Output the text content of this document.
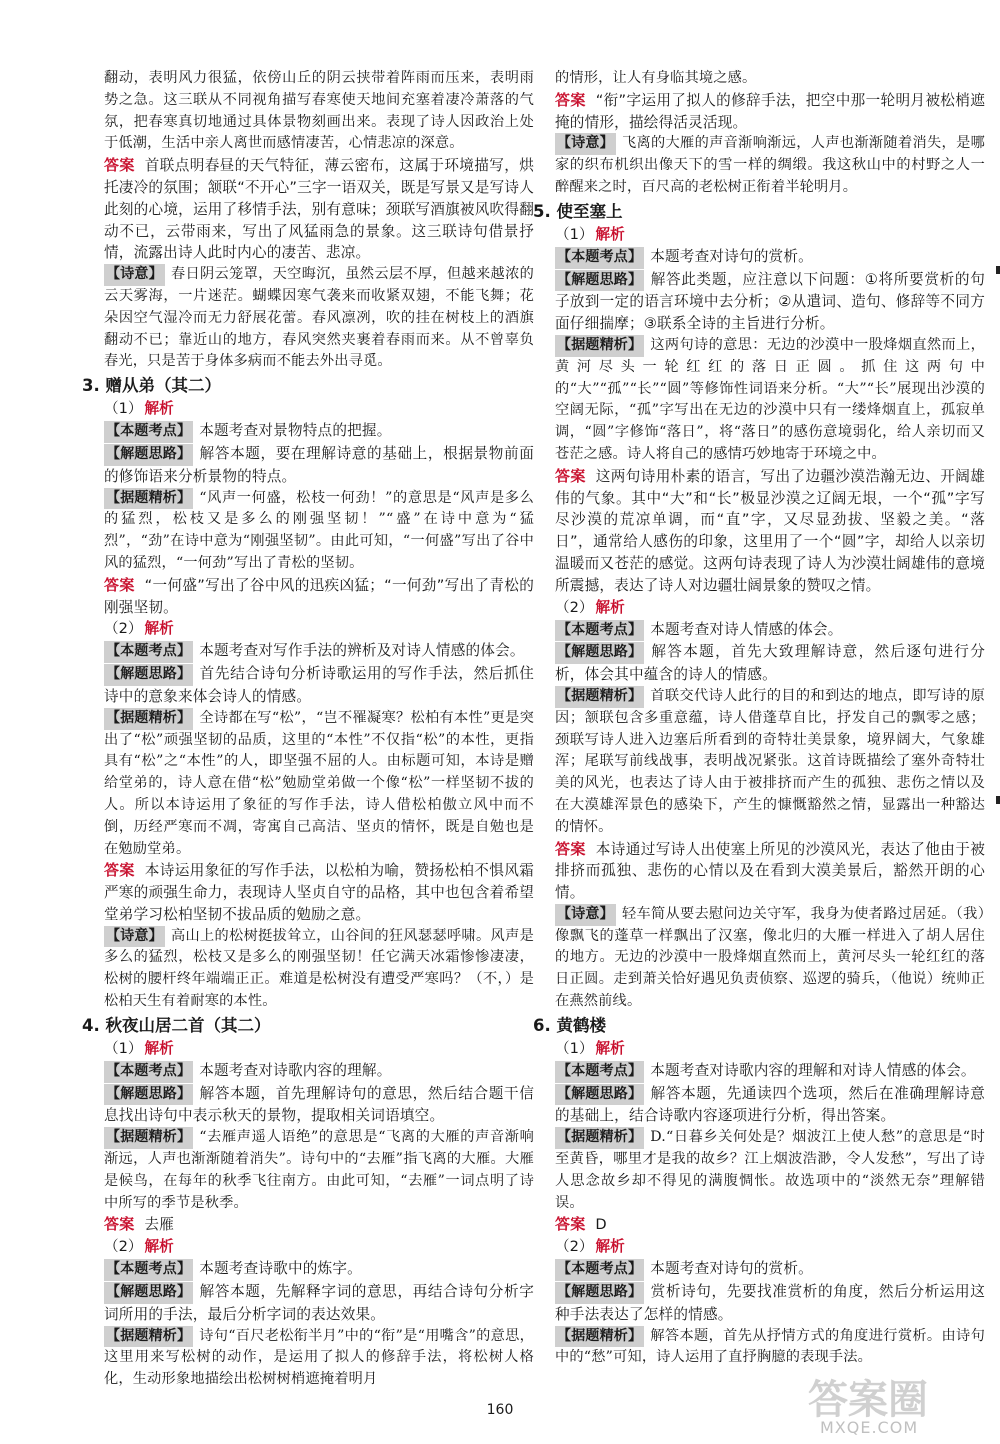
翻动，表明风力很猛，依傍山丘的阴云挟带着阵雨而压来，表明雨势之急。这三联从不同视角描写春寒使天地间充塞着凄冷萧落的气氛，把春寒真切地通过具体景物刻画出来。表现了诗人因政治上处于低潮，生活中亲人离世而感情凄苦，心情悲凉的深意。

答案 首联点明春昼的天气特征，薄云密布，这属于环境描写，烘托凄冷的氛围；颔联“不开心”三字一语双关，既是写景又是写诗人此刻的心境，运用了移情手法，别有意味；颈联写酒旗被风吹得翻动不已，云带雨来，写出了风猛雨急的景象。这三联诗句借景抒情，流露出诗人此时内心的凄苦、悲凉。

【诗意】 春日阴云笼罩，天空晦沉，虽然云层不厚，但越来越浓的云天雾海，一片迷茫。蝴蝶因寒气袭来而收紧双翅，不能飞舞；花朵因空气湿冷而无力舒展花蕾。春风凛冽，吹的挂在树枝上的酒旗翻动不已；靠近山的地方，春风突然夹裹着春雨而来。从不曾辜负春光，只是苦于身体多病而不能去外出寻觅。

3. 赠从弟（其二）
（1） 解析

【本题考点】 本题考查对景物特点的把握。

【解题思路】 解答本题，要在理解诗意的基础上，根据景物前面的修饰语来分析景物的特点。

【据题精析】 “风声一何盛，松枝一何劲！”的意思是“风声是多么的猛烈，松枝又是多么的刚强坚韧！”“盛”在诗中意为“猛烈”，“劲”在诗中意为“刚强坚韧”。由此可知，“一何盛”写出了谷中风的猛烈，“一何劲”写出了青松的坚韧。

答案 “一何盛”写出了谷中风的迅疾凶猛；“一何劲”写出了青松的刚强坚韧。

（2） 解析

【本题考点】 本题考查对写作手法的辨析及对诗人情感的体会。

【解题思路】 首先结合诗句分析诗歌运用的写作手法，然后抓住诗中的意象来体会诗人的情感。

【据题精析】 全诗都在写“松”，“岂不罹凝寒？松柏有本性”更是突出了“松”顽强坚韧的品质，这里的“本性”不仅指“松”的本性，更指具有“松”之“本性”的人，即坚强不屈的人。由标题可知，本诗是赠给堂弟的，诗人意在借“松”勉励堂弟做一个像“松”一样坚韧不拔的人。所以本诗运用了象征的写作手法，诗人借松柏傲立风中而不倒，历经严寒而不凋，寄寓自己高洁、坚贞的情怀，既是自勉也是在勉励堂弟。

答案 本诗运用象征的写作手法，以松柏为喻，赞扬松柏不惧风霜严寒的顽强生命力，表现诗人坚贞自守的品格，其中也包含着希望堂弟学习松柏坚韧不拔品质的勉励之意。

【诗意】 高山上的松树挺拔耸立，山谷间的狂风瑟瑟呼啸。风声是多么的猛烈，松枝又是多么的刚强坚韧！任它满天冰霜惨惨凄凄，松树的腰杆终年端端正正。难道是松树没有遭受严寒吗？（不，）是松柏天生有着耐寒的本性。

4. 秋夜山居二首（其二）
（1） 解析

【本题考点】 本题考查对诗歌内容的理解。

【解题思路】 解答本题，首先理解诗句的意思，然后结合题干信息找出诗句中表示秋天的景物，提取相关词语填空。

【据题精析】 “去雁声遥人语绝”的意思是“飞离的大雁的声音渐响渐远，人声也渐渐随着消失”。诗句中的“去雁”指飞离的大雁。大雁是候鸟，在每年的秋季飞往南方。由此可知，“去雁”一词点明了诗中所写的季节是秋季。

答案 去雁

（2） 解析

【本题考点】 本题考查诗歌中的炼字。

【解题思路】 解答本题，先解释字词的意思，再结合诗句分析字词所用的手法，最后分析字词的表达效果。

【据题精析】 诗句“百尺老松衔半月”中的“衔”是“用嘴含”的意思，这里用来写松树的动作，是运用了拟人的修辞手法，将松树人格化，生动形象地描绘出松树树梢遮掩着明月

的情形，让人有身临其境之感。

答案 “衔”字运用了拟人的修辞手法，把空中那一轮明月被松梢遮掩的情形，描绘得活灵活现。

【诗意】 飞离的大雁的声音渐响渐远，人声也渐渐随着消失，是哪家的织布机织出像天下的雪一样的绸缎。我这秋山中的村野之人一醉醒来之时，百尺高的老松树正衔着半轮明月。

5. 使至塞上
（1） 解析

【本题考点】 本题考查对诗句的赏析。

【解题思路】 解答此类题，应注意以下问题：①将所要赏析的句子放到一定的语言环境中去分析；②从遣词、造句、修辞等不同方面仔细揣摩；③联系全诗的主旨进行分析。

【据题精析】 这两句诗的意思：无边的沙漠中一股烽烟直然而上，黄河尽头一轮红红的落日正圆。抓住这两句中的“大”“孤”“长”“圆”等修饰性词语来分析。“大”“长”展现出沙漠的空阔无际，“孤”字写出在无边的沙漠中只有一缕烽烟直上，孤寂单调，“圆”字修饰“落日”，将“落日”的感伤意境弱化，给人亲切而又苍茫之感。诗人将自己的感情巧妙地寄于环境之中。

答案 这两句诗用朴素的语言，写出了边疆沙漠浩瀚无边、开阔雄伟的气象。其中“大”和“长”极显沙漠之辽阔无垠，一个“孤”字写尽沙漠的荒凉单调，而“直”字，又尽显劲拔、坚毅之美。“落日”，通常给人感伤的印象，这里用了一个“圆”字，却给人以亲切温暖而又苍茫的感觉。这两句诗表现了诗人为沙漠壮阔雄伟的意境所震撼，表达了诗人对边疆壮阔景象的赞叹之情。

（2） 解析

【本题考点】 本题考查对诗人情感的体会。

【解题思路】 解答本题，首先大致理解诗意，然后逐句进行分析，体会其中蕴含的诗人的情感。

【据题精析】 首联交代诗人此行的目的和到达的地点，即写诗的原因；颔联包含多重意蕴，诗人借蓬草自比，抒发自己的飘零之感；颈联写诗人进入边塞后所看到的奇特壮美景象，境界阔大，气象雄浑；尾联写前线战事，表明战况紧张。这首诗既描绘了塞外奇特壮美的风光，也表达了诗人由于被排挤而产生的孤独、悲伤之情以及在大漠雄浑景色的感染下，产生的慷慨豁然之情，显露出一种豁达的情怀。

答案 本诗通过写诗人出使塞上所见的沙漠风光，表达了他由于被排挤而孤独、悲伤的心情以及在看到大漠美景后，豁然开朗的心情。

【诗意】 轻车简从要去慰问边关守军，我身为使者路过居延。（我）像飘飞的蓬草一样飘出了汉塞，像北归的大雁一样进入了胡人居住的地方。无边的沙漠中一股烽烟直然而上，黄河尽头一轮红红的落日正圆。走到萧关恰好遇见负责侦察、巡逻的骑兵，（他说）统帅正在燕然前线。

6. 黄鹤楼
（1） 解析

【本题考点】 本题考查对诗歌内容的理解和对诗人情感的体会。

【解题思路】 解答本题，先通读四个选项，然后在准确理解诗意的基础上，结合诗歌内容逐项进行分析，得出答案。

【据题精析】 D.“日暮乡关何处是？烟波江上使人愁”的意思是“时至黄昏，哪里才是我的故乡？江上烟波浩渺，令人发愁”，写出了诗人思念故乡却不得见的满腹惆怅。故选项中的“淡然无奈”理解错误。

答案 D

（2） 解析

【本题考点】 本题考查对诗句的赏析。

【解题思路】 赏析诗句，先要找准赏析的角度，然后分析运用这种手法表达了怎样的情感。

【据题精析】 解答本题，首先从抒情方式的角度进行赏析。由诗句中的“愁”可知，诗人运用了直抒胸臆的表现手法。

160	答案圈
MXQE.COM
